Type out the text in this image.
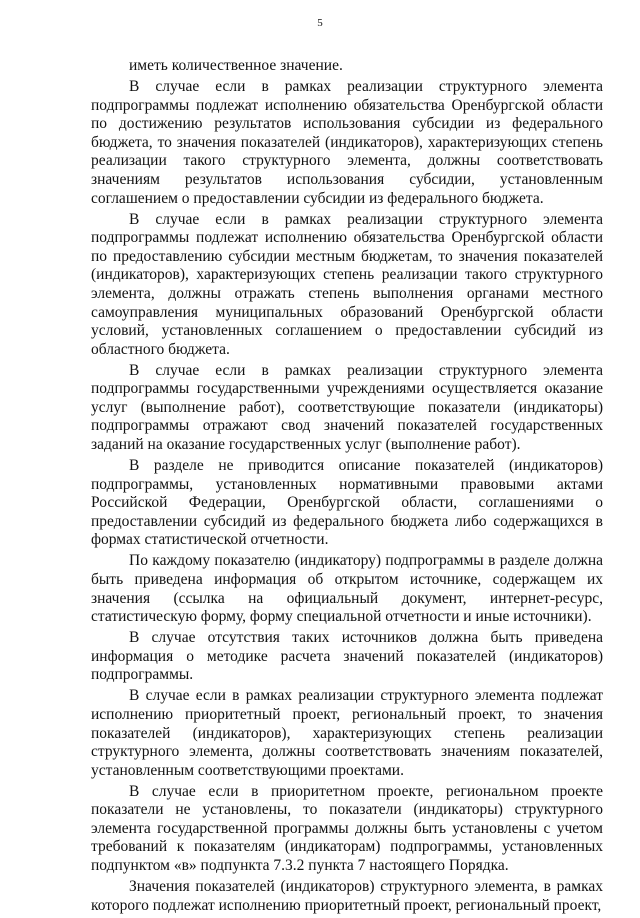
5

иметь количественное значение.

В случае если в рамках реализации структурного элемента подпрограммы подлежат исполнению обязательства Оренбургской области по достижению результатов использования субсидии из федерального бюджета, то значения показателей (индикаторов), характеризующих степень реализации такого структурного элемента, должны соответствовать значениям результатов использования субсидии, установленным соглашением о предоставлении субсидии из федерального бюджета.

В случае если в рамках реализации структурного элемента подпрограммы подлежат исполнению обязательства Оренбургской области по предоставлению субсидии местным бюджетам, то значения показателей (индикаторов), характеризующих степень реализации такого структурного элемента, должны отражать степень выполнения органами местного самоуправления муниципальных образований Оренбургской области условий, установленных соглашением о предоставлении субсидий из областного бюджета.

В случае если в рамках реализации структурного элемента подпрограммы государственными учреждениями осуществляется оказание услуг (выполнение работ), соответствующие показатели (индикаторы) подпрограммы отражают свод значений показателей государственных заданий на оказание государственных услуг (выполнение работ).

В разделе не приводится описание показателей (индикаторов) подпрограммы, установленных нормативными правовыми актами Российской Федерации, Оренбургской области, соглашениями о предоставлении субсидий из федерального бюджета либо содержащихся в формах статистической отчетности.

По каждому показателю (индикатору) подпрограммы в разделе должна быть приведена информация об открытом источнике, содержащем их значения (ссылка на официальный документ, интернет-ресурс, статистическую форму, форму специальной отчетности и иные источники).

В случае отсутствия таких источников должна быть приведена информация о методике расчета значений показателей (индикаторов) подпрограммы.

В случае если в рамках реализации структурного элемента подлежат исполнению приоритетный проект, региональный проект, то значения показателей (индикаторов), характеризующих степень реализации структурного элемента, должны соответствовать значениям показателей, установленным соответствующими проектами.

В случае если в приоритетном проекте, региональном проекте показатели не установлены, то показатели (индикаторы) структурного элемента государственной программы должны быть установлены с учетом требований к показателям (индикаторам) подпрограммы, установленных подпунктом «в» подпункта 7.3.2 пункта 7 настоящего Порядка.

Значения показателей (индикаторов) структурного элемента, в рамках которого подлежат исполнению приоритетный проект, региональный проект,
